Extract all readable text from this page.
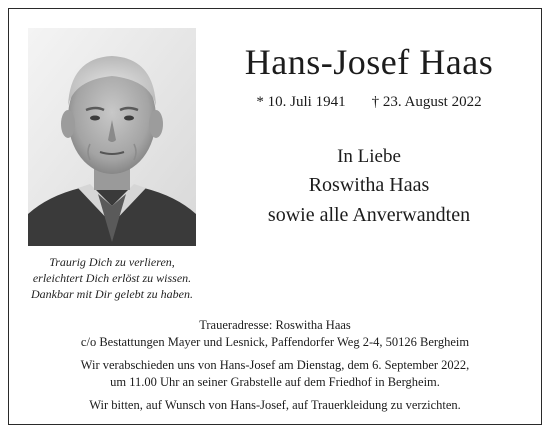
Traurig Dich zu verlieren,
erleichtert Dich erlöst zu wissen.
Dankbar mit Dir gelebt zu haben.
Hans-Josef Haas
* 10. Juli 1941 † 23. August 2022
In Liebe
Roswitha Haas
sowie alle Anverwandten
Traueradresse: Roswitha Haas
c/o Bestattungen Mayer und Lesnick, Paffendorfer Weg 2-4, 50126 Bergheim
Wir verabschieden uns von Hans-Josef am Dienstag, dem 6. September 2022,
um 11.00 Uhr an seiner Grabstelle auf dem Friedhof in Bergheim.
Wir bitten, auf Wunsch von Hans-Josef, auf Trauerkleidung zu verzichten.
